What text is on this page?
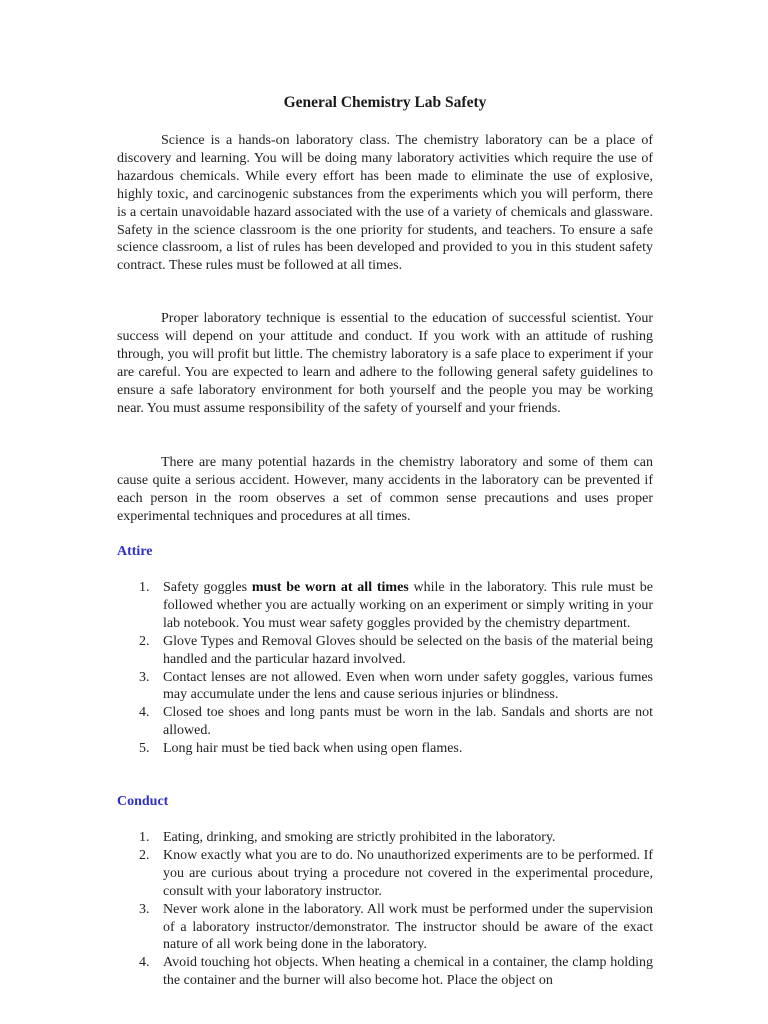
General Chemistry Lab Safety

Science is a hands-on laboratory class. The chemistry laboratory can be a place of discovery and learning. You will be doing many laboratory activities which require the use of hazardous chemicals. While every effort has been made to eliminate the use of explosive, highly toxic, and carcinogenic substances from the experiments which you will perform, there is a certain unavoidable hazard associated with the use of a variety of chemicals and glassware. Safety in the science classroom is the one priority for students, and teachers. To ensure a safe science classroom, a list of rules has been developed and provided to you in this student safety contract. These rules must be followed at all times.

Proper laboratory technique is essential to the education of successful scientist. Your success will depend on your attitude and conduct. If you work with an attitude of rushing through, you will profit but little. The chemistry laboratory is a safe place to experiment if your are careful. You are expected to learn and adhere to the following general safety guidelines to ensure a safe laboratory environment for both yourself and the people you may be working near. You must assume responsibility of the safety of yourself and your friends.

There are many potential hazards in the chemistry laboratory and some of them can cause quite a serious accident. However, many accidents in the laboratory can be prevented if each person in the room observes a set of common sense precautions and uses proper experimental techniques and procedures at all times.

Attire
1. Safety goggles must be worn at all times while in the laboratory. This rule must be followed whether you are actually working on an experiment or simply writing in your lab notebook. You must wear safety goggles provided by the chemistry department.
2. Glove Types and Removal Gloves should be selected on the basis of the material being handled and the particular hazard involved.
3. Contact lenses are not allowed. Even when worn under safety goggles, various fumes may accumulate under the lens and cause serious injuries or blindness.
4. Closed toe shoes and long pants must be worn in the lab. Sandals and shorts are not allowed.
5. Long hair must be tied back when using open flames.
Conduct
1. Eating, drinking, and smoking are strictly prohibited in the laboratory.
2. Know exactly what you are to do. No unauthorized experiments are to be performed. If you are curious about trying a procedure not covered in the experimental procedure, consult with your laboratory instructor.
3. Never work alone in the laboratory. All work must be performed under the supervision of a laboratory instructor/demonstrator. The instructor should be aware of the exact nature of all work being done in the laboratory.
4. Avoid touching hot objects. When heating a chemical in a container, the clamp holding the container and the burner will also become hot. Place the object on
